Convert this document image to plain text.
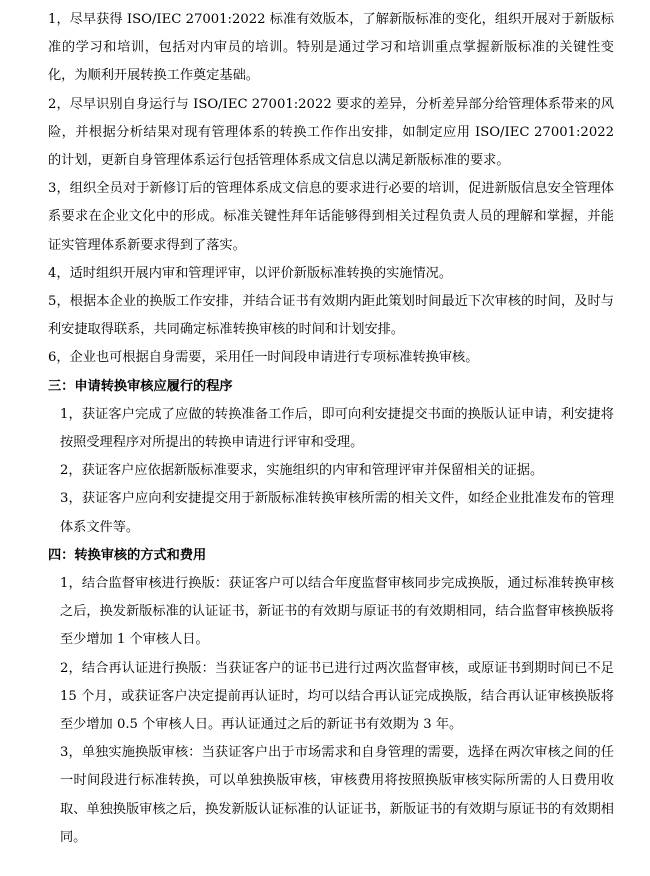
1，尽早获得 ISO/IEC 27001:2022 标准有效版本，了解新版标准的变化，组织开展对于新版标准的学习和培训，包括对内审员的培训。特别是通过学习和培训重点掌握新版标准的关键性变化，为顺利开展转换工作奠定基础。

2，尽早识别自身运行与 ISO/IEC 27001:2022 要求的差异，分析差异部分给管理体系带来的风险，并根据分析结果对现有管理体系的转换工作作出安排，如制定应用 ISO/IEC 27001:2022 的计划，更新自身管理体系运行包括管理体系成文信息以满足新版标准的要求。

3，组织全员对于新修订后的管理体系成文信息的要求进行必要的培训，促进新版信息安全管理体系要求在企业文化中的形成。标准关键性拜年话能够得到相关过程负责人员的理解和掌握，并能证实管理体系新要求得到了落实。

4，适时组织开展内审和管理评审，以评价新版标准转换的实施情况。

5，根据本企业的换版工作安排，并结合证书有效期内距此策划时间最近下次审核的时间，及时与利安捷取得联系，共同确定标准转换审核的时间和计划安排。

6，企业也可根据自身需要，采用任一时间段申请进行专项标准转换审核。

三：申请转换审核应履行的程序

1，获证客户完成了应做的转换准备工作后，即可向利安捷提交书面的换版认证申请，利安捷将按照受理程序对所提出的转换申请进行评审和受理。

2，获证客户应依据新版标准要求，实施组织的内审和管理评审并保留相关的证据。

3，获证客户应向利安捷提交用于新版标准转换审核所需的相关文件，如经企业批准发布的管理体系文件等。

四：转换审核的方式和费用

1，结合监督审核进行换版：获证客户可以结合年度监督审核同步完成换版，通过标准转换审核之后，换发新版标准的认证证书，新证书的有效期与原证书的有效期相同，结合监督审核换版将至少增加 1 个审核人日。

2，结合再认证进行换版：当获证客户的证书已进行过两次监督审核，或原证书到期时间已不足 15 个月，或获证客户决定提前再认证时，均可以结合再认证完成换版，结合再认证审核换版将至少增加 0.5 个审核人日。再认证通过之后的新证书有效期为 3 年。

3，单独实施换版审核：当获证客户出于市场需求和自身管理的需要，选择在两次审核之间的任一时间段进行标准转换，可以单独换版审核，审核费用将按照换版审核实际所需的人日费用收取、单独换版审核之后，换发新版认证标准的认证证书，新版证书的有效期与原证书的有效期相同。
